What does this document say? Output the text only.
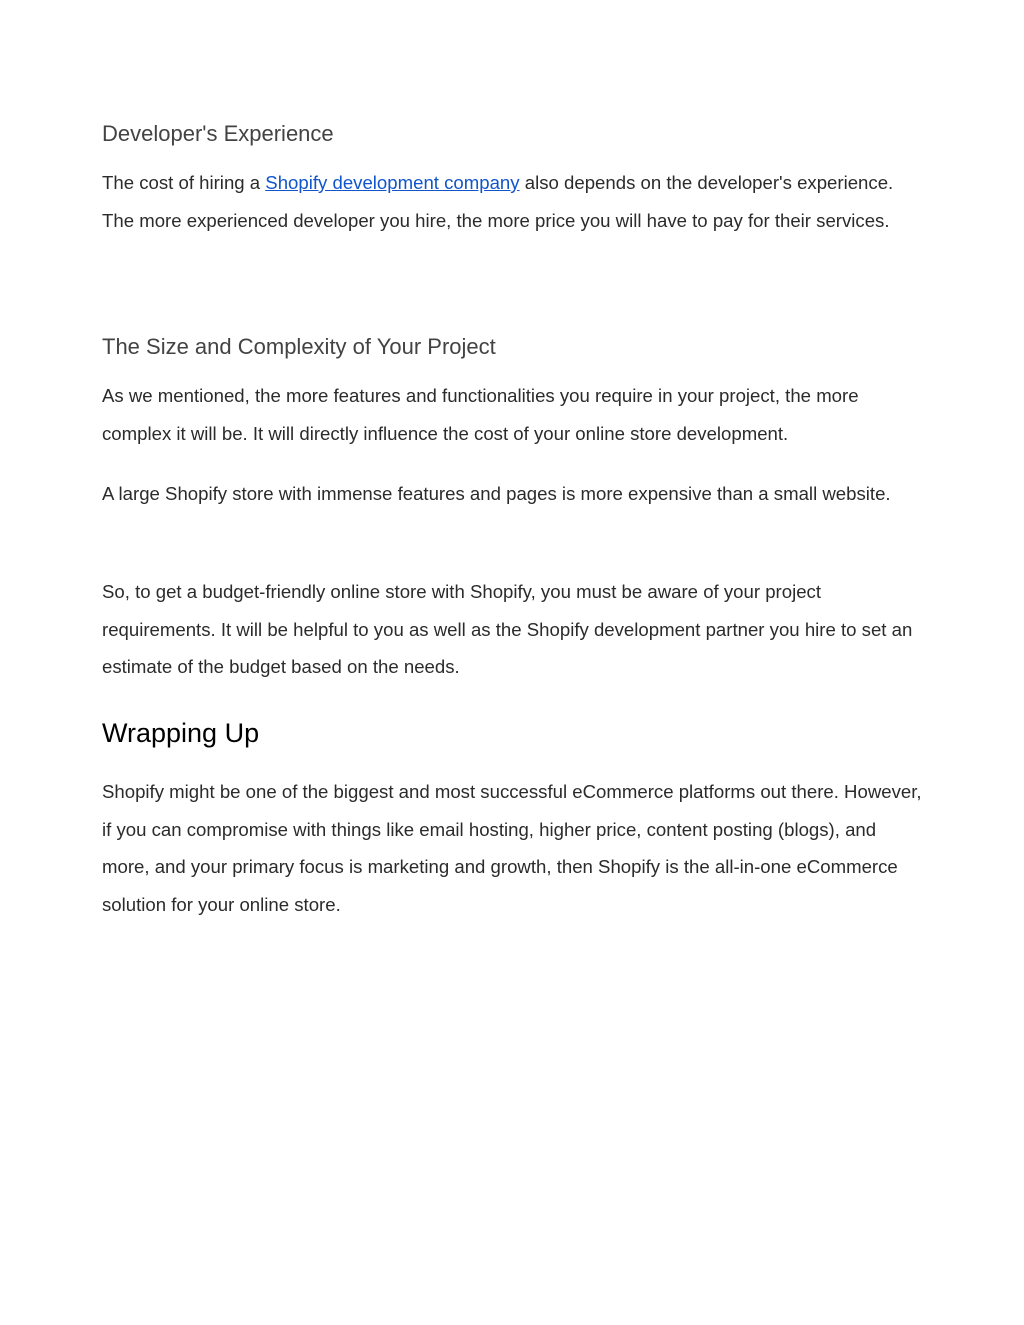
Developer's Experience

The cost of hiring a Shopify development company also depends on the developer's experience. The more experienced developer you hire, the more price you will have to pay for their services.

The Size and Complexity of Your Project

As we mentioned, the more features and functionalities you require in your project, the more complex it will be. It will directly influence the cost of your online store development.

A large Shopify store with immense features and pages is more expensive than a small website.

So, to get a budget-friendly online store with Shopify, you must be aware of your project requirements. It will be helpful to you as well as the Shopify development partner you hire to set an estimate of the budget based on the needs.

Wrapping Up

Shopify might be one of the biggest and most successful eCommerce platforms out there. However, if you can compromise with things like email hosting, higher price, content posting (blogs), and more, and your primary focus is marketing and growth, then Shopify is the all-in-one eCommerce solution for your online store.
